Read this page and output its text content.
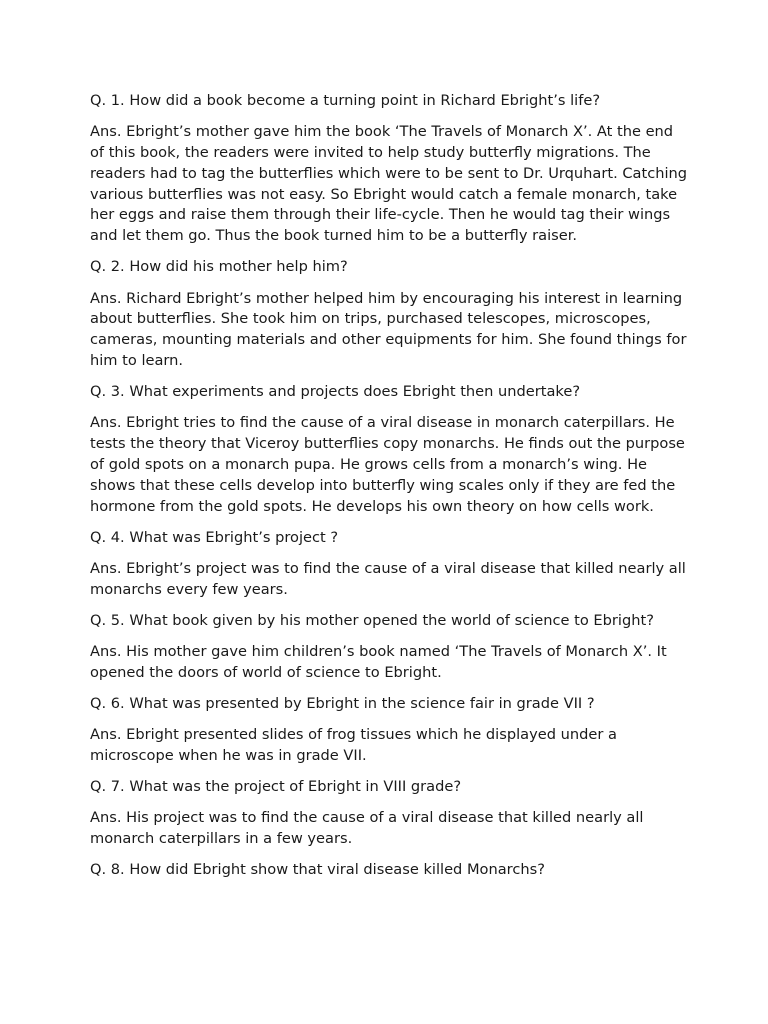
Q. 1. How did a book become a turning point in Richard Ebright’s life?
Ans. Ebright’s mother gave him the book ‘The Travels of Monarch X’. At the end of this book, the readers were invited to help study butterfly migrations. The readers had to tag the butterflies which were to be sent to Dr. Urquhart. Catching various butterflies was not easy. So Ebright would catch a female monarch, take her eggs and raise them through their life-cycle. Then he would tag their wings and let them go. Thus the book turned him to be a butterfly raiser.
Q. 2. How did his mother help him?
Ans. Richard Ebright’s mother helped him by encouraging his interest in learning about butterflies. She took him on trips, purchased telescopes, microscopes, cameras, mounting materials and other equipments for him. She found things for him to learn.
Q. 3. What experiments and projects does Ebright then undertake?
Ans. Ebright tries to find the cause of a viral disease in monarch caterpillars. He tests the theory that Viceroy butterflies copy monarchs. He finds out the purpose of gold spots on a monarch pupa. He grows cells from a monarch’s wing. He shows that these cells develop into butterfly wing scales only if they are fed the hormone from the gold spots. He develops his own theory on how cells work.
Q. 4. What was Ebright’s project ?
Ans. Ebright’s project was to find the cause of a viral disease that killed nearly all monarchs every few years.
Q. 5. What book given by his mother opened the world of science to Ebright?
Ans. His mother gave him children’s book named ‘The Travels of Monarch X’. It opened the doors of world of science to Ebright.
Q. 6. What was presented by Ebright in the science fair in grade VII ?
Ans. Ebright presented slides of frog tissues which he displayed under a microscope when he was in grade VII.
Q. 7. What was the project of Ebright in VIII grade?
Ans. His project was to find the cause of a viral disease that killed nearly all monarch caterpillars in a few years.
Q. 8. How did Ebright show that viral disease killed Monarchs?
